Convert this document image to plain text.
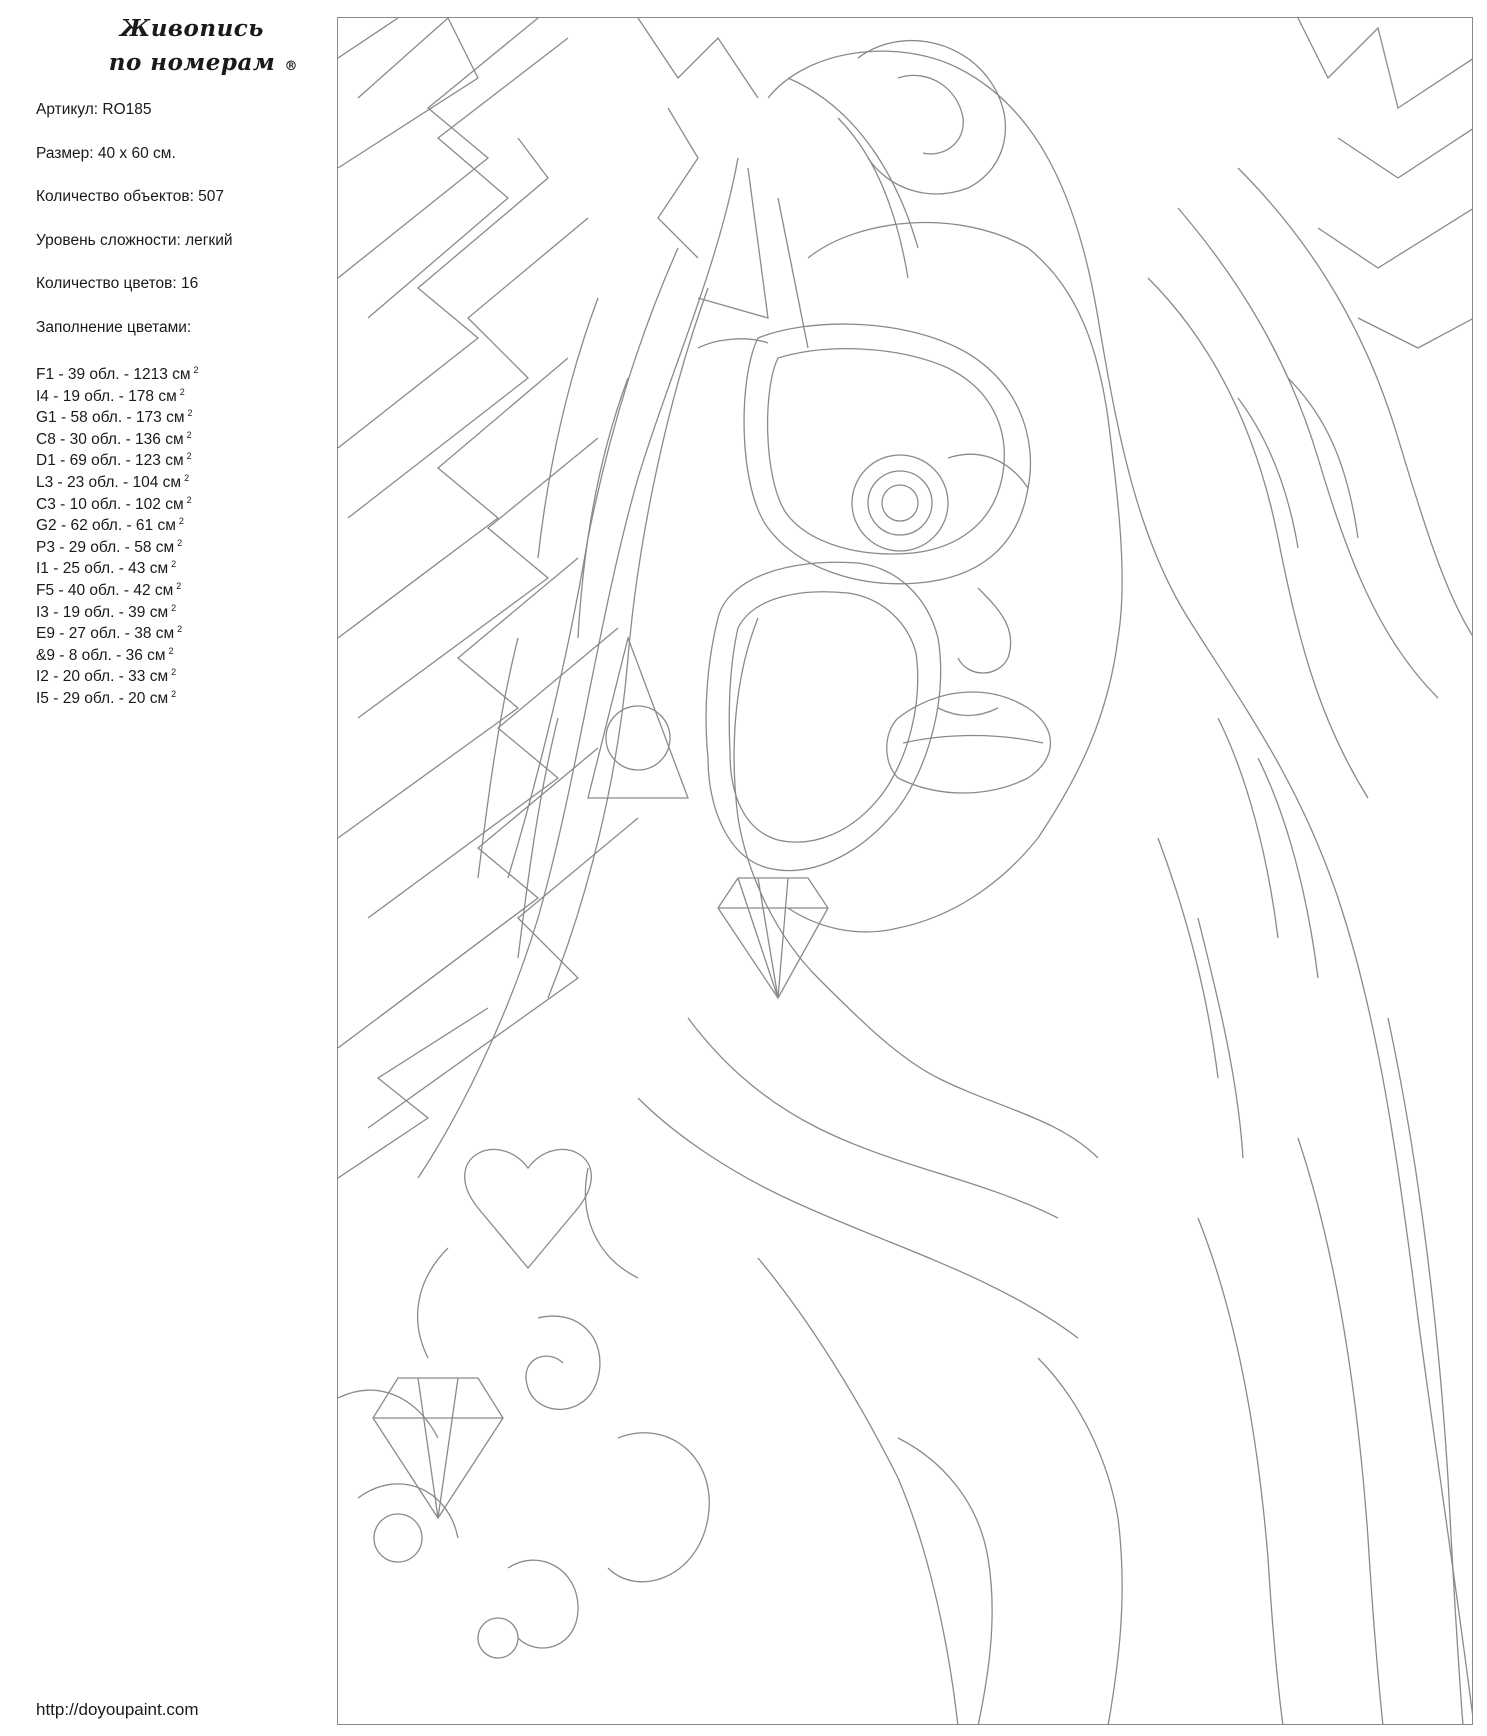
Живопись
по номерам ®
Артикул: RO185
Размер: 40 х 60 см.
Количество объектов: 507
Уровень сложности: легкий
Количество цветов: 16
Заполнение цветами:
F1 - 39 обл. - 1213 см $^2$
I4 - 19 обл. - 178 см $^2$
G1 - 58 обл. - 173 см $^2$
C8 - 30 обл. - 136 см $^2$
D1 - 69 обл. - 123 см $^2$
L3 - 23 обл. - 104 см $^2$
C3 - 10 обл. - 102 см $^2$
G2 - 62 обл. - 61 см $^2$
P3 - 29 обл. - 58 см $^2$
I1 - 25 обл. - 43 см $^2$
F5 - 40 обл. - 42 см $^2$
I3 - 19 обл. - 39 см $^2$
E9 - 27 обл. - 38 см $^2$
&9 - 8 обл. - 36 см $^2$
I2 - 20 обл. - 33 см $^2$
I5 - 29 обл. - 20 см $^2$
http://doyoupaint.com
